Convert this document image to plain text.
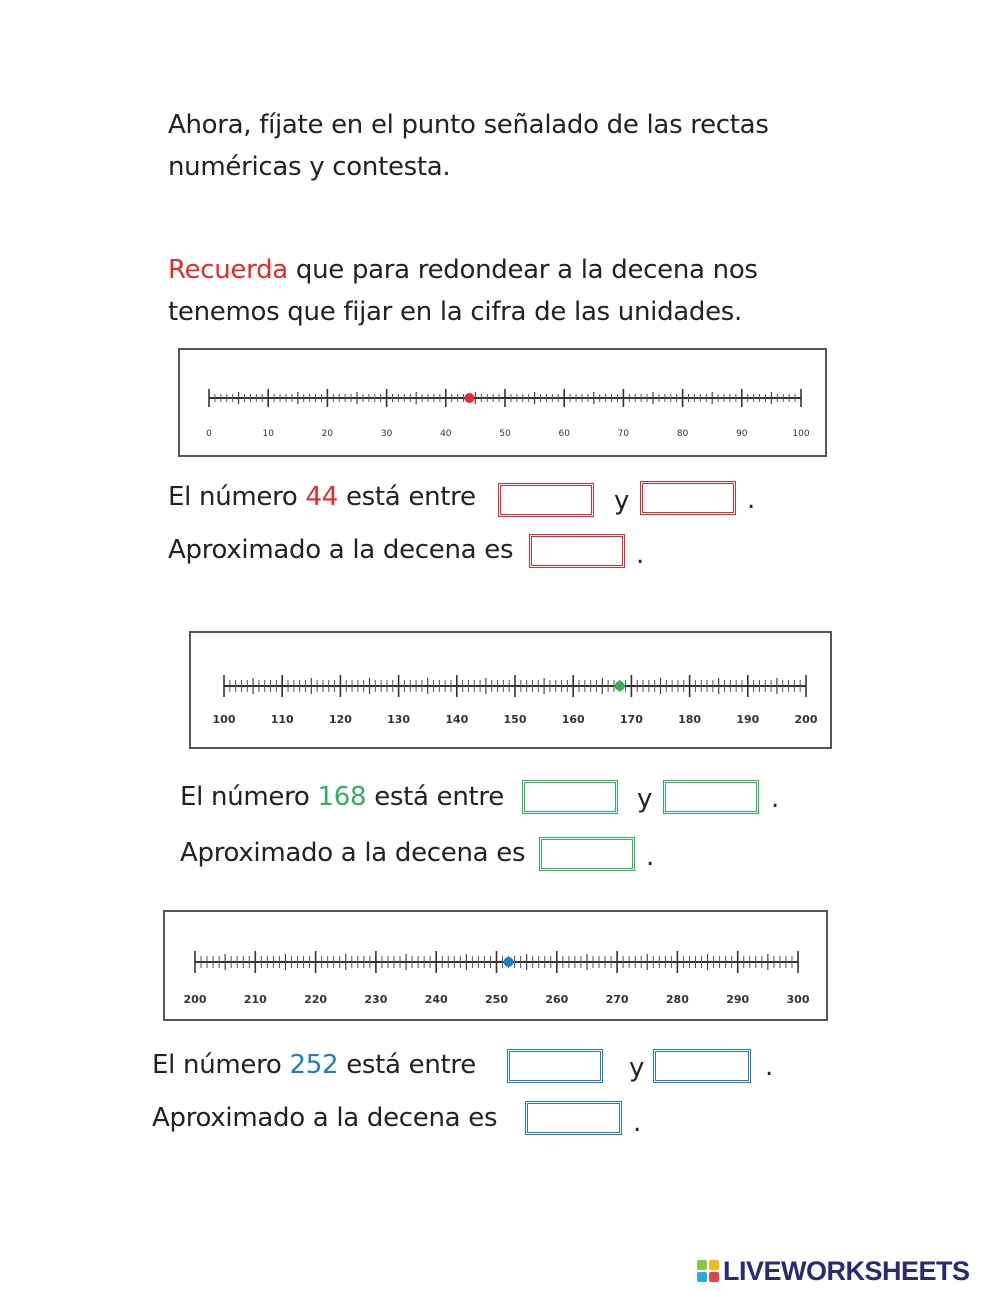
Ahora, fíjate en el punto señalado de las rectas
numéricas y contesta.
Recuerda que para redondear a la decena nos
tenemos que fijar en la cifra de las unidades.
0	10	20	30	40	50	60	70	80	90	100
El número 44 está entre	y	.
Aproximado a la decena es	.
100	110	120	130	140	150	160	170	180	190	200
El número 168 está entre	y	.
Aproximado a la decena es	.
200	210	220	230	240	250	260	270	280	290	300
El número 252 está entre	y	.
Aproximado a la decena es	.
LIVEWORKSHEETS
